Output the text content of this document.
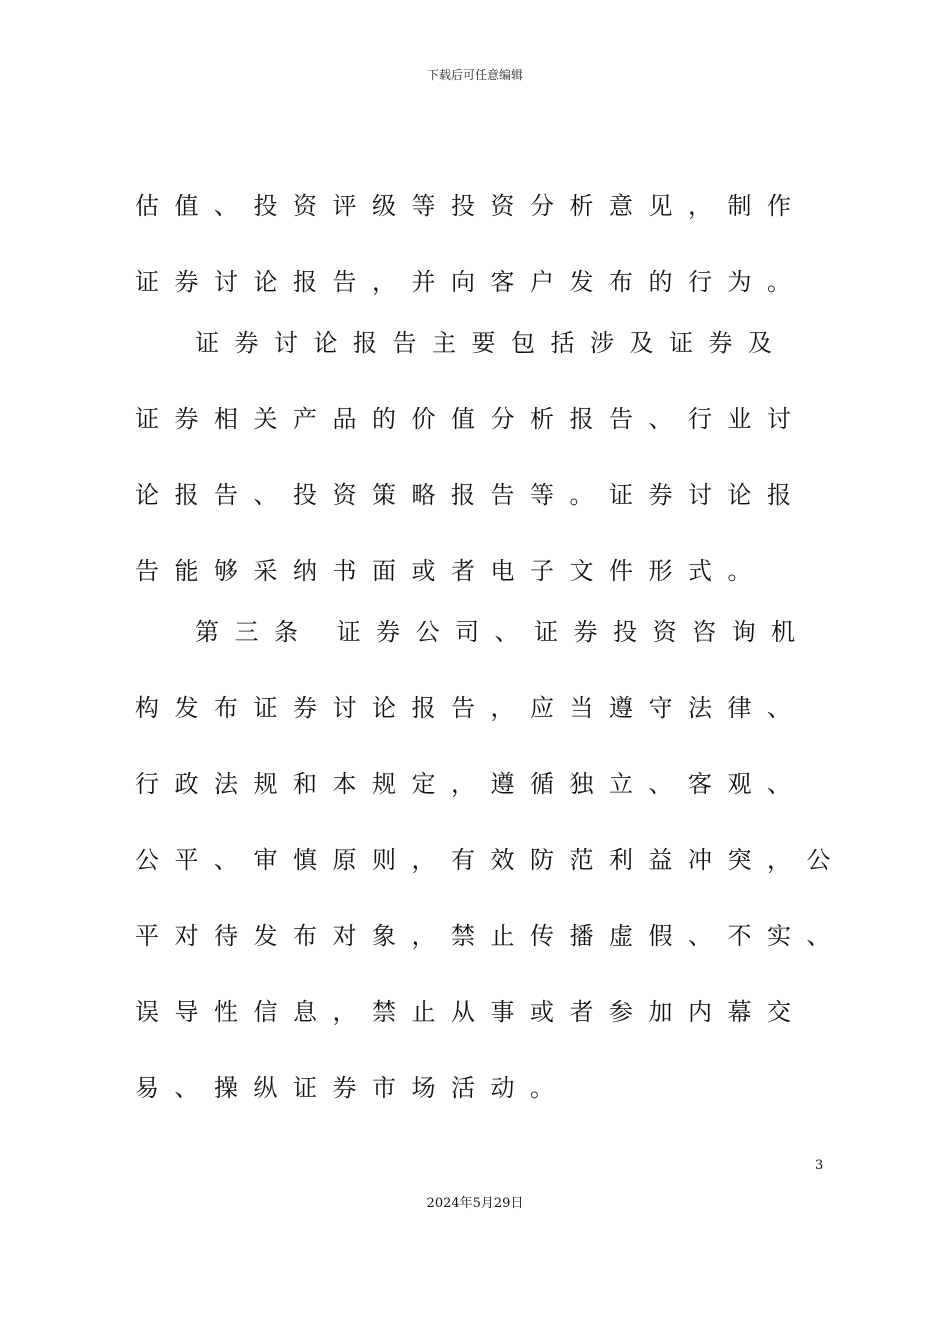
下载后可任意编辑

估值、投资评级等投资分析意见，制作

证券讨论报告，并向客户发布的行为。

证券讨论报告主要包括涉及证券及

证券相关产品的价值分析报告、行业讨

论报告、投资策略报告等。证券讨论报

告能够采纳书面或者电子文件形式。

第三条 证券公司、证券投资咨询机

构发布证券讨论报告，应当遵守法律、

行政法规和本规定，遵循独立、客观、

公平、审慎原则，有效防范利益冲突，公

平对待发布对象，禁止传播虚假、不实、

误导性信息，禁止从事或者参加内幕交

易、操纵证券市场活动。

3
2024年5月29日
